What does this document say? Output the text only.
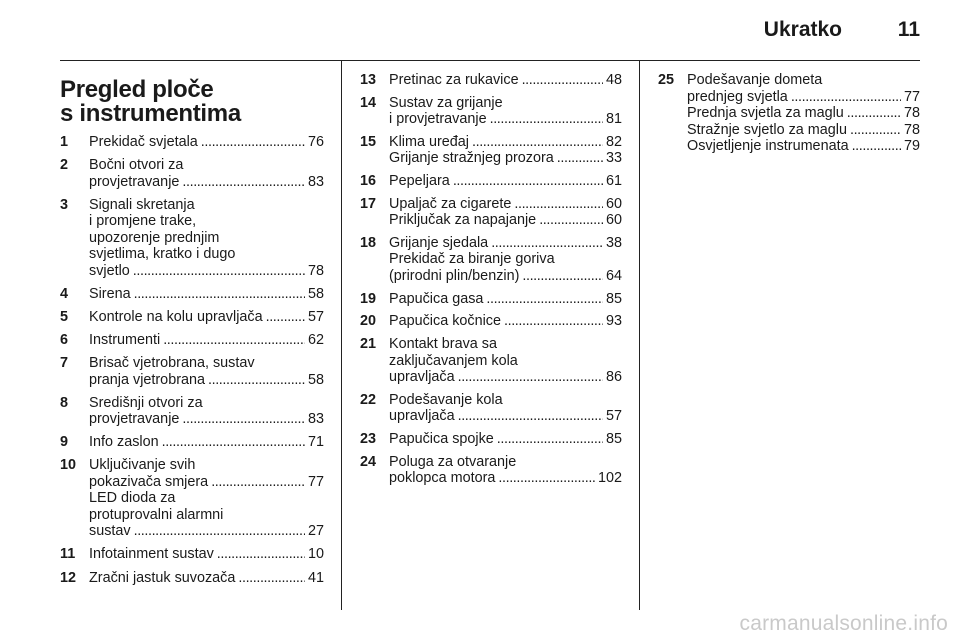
Ukratko	11
Pregled ploče
s instrumentima
1 Prekidač svjetala . . .	76
2 Bočni otvori za
provjetravanje . . .	83
3 Signali skretanja
i promjene trake,
upozorenje prednjim
svjetlima, kratko i dugo
svjetlo . . .	78
4 Sirena . . .	58
5 Kontrole na kolu upravljača . . .	57
6 Instrumenti . . .	62
7 Brisač vjetrobrana, sustav
pranja vjetrobrana . . .	58
8 Središnji otvori za
provjetravanje . . .	83
9 Info zaslon . . .	71
10 Uključivanje svih
pokazivača smjera . . .	77
LED dioda za
protuprovalni alarmni
sustav . . .	27
11 Infotainment sustav . . .	10
12 Zračni jastuk suvozača . . .	41
13 Pretinac za rukavice . . .	48
14 Sustav za grijanje
i provjetravanje . . .	81
15 Klima uređaj . . .	82
Grijanje stražnjeg prozora . . .	33
16 Pepeljara . . .	61
17 Upaljač za cigarete . . .	60
Priključak za napajanje . . .	60
18 Grijanje sjedala . . .	38
Prekidač za biranje goriva
(prirodni plin/benzin) . . .	64
19 Papučica gasa . . .	85
20 Papučica kočnice . . .	93
21 Kontakt brava sa
zaključavanjem kola
upravljača . . .	86
22 Podešavanje kola
upravljača . . .	57
23 Papučica spojke . . .	85
24 Poluga za otvaranje
poklopca motora . . .	102
25 Podešavanje dometa
prednjeg svjetla . . .	77
Prednja svjetla za maglu . . .	78
Stražnje svjetlo za maglu . . .	78
Osvjetljenje instrumenata . . .	79
carmanualsonline.info
